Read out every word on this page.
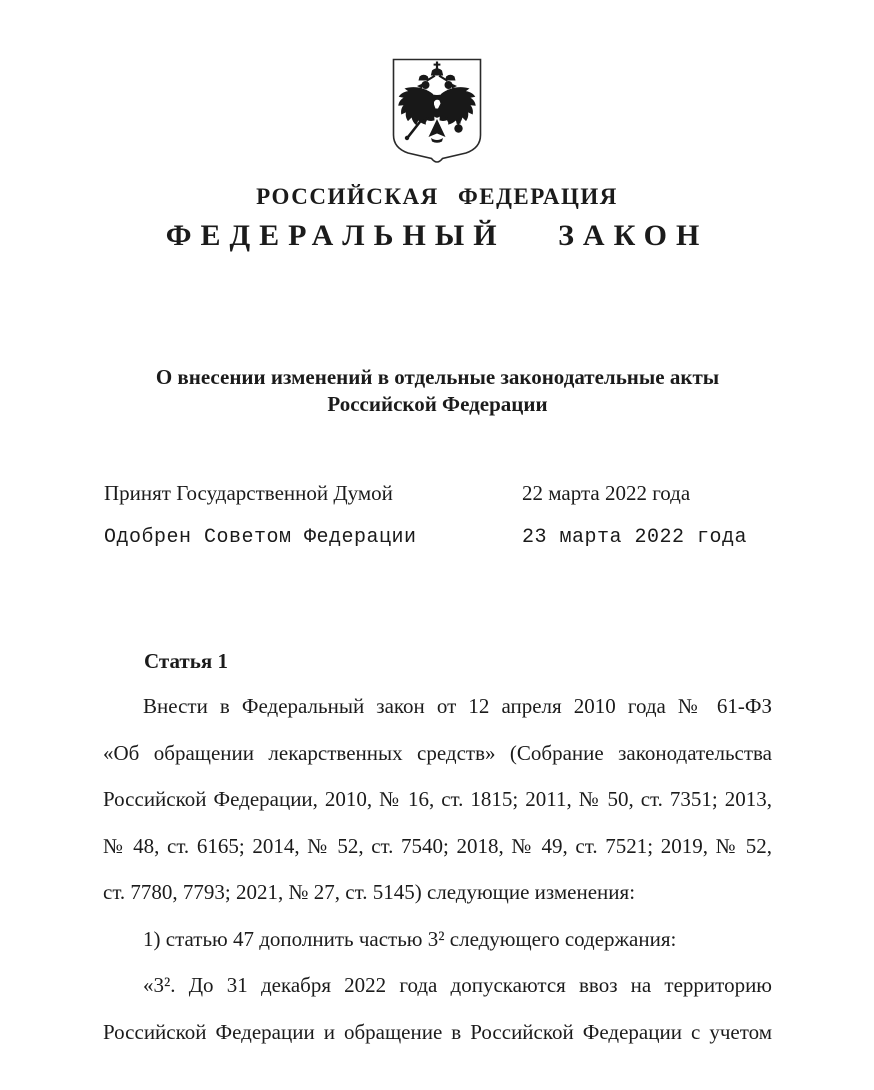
РОССИЙСКАЯ ФЕДЕРАЦИЯ
ФЕДЕРАЛЬНЫЙ ЗАКОН
О внесении изменений в отдельные законодательные акты
Российской Федерации
Принят Государственной Думой	22 марта 2022 года
Одобрен Советом Федерации	23 марта 2022 года
Статья 1
Внести в Федеральный закон от 12 апреля 2010 года № 61-ФЗ
«Об обращении лекарственных средств» (Собрание законодательства
Российской Федерации, 2010, № 16, ст. 1815; 2011, № 50, ст. 7351; 2013,
№ 48, ст. 6165; 2014, № 52, ст. 7540; 2018, № 49, ст. 7521; 2019, № 52,
ст. 7780, 7793; 2021, № 27, ст. 5145) следующие изменения:
1) статью 47 дополнить частью 3² следующего содержания:
«3². До 31 декабря 2022 года допускаются ввоз на территорию
Российской Федерации и обращение в Российской Федерации с учетом
